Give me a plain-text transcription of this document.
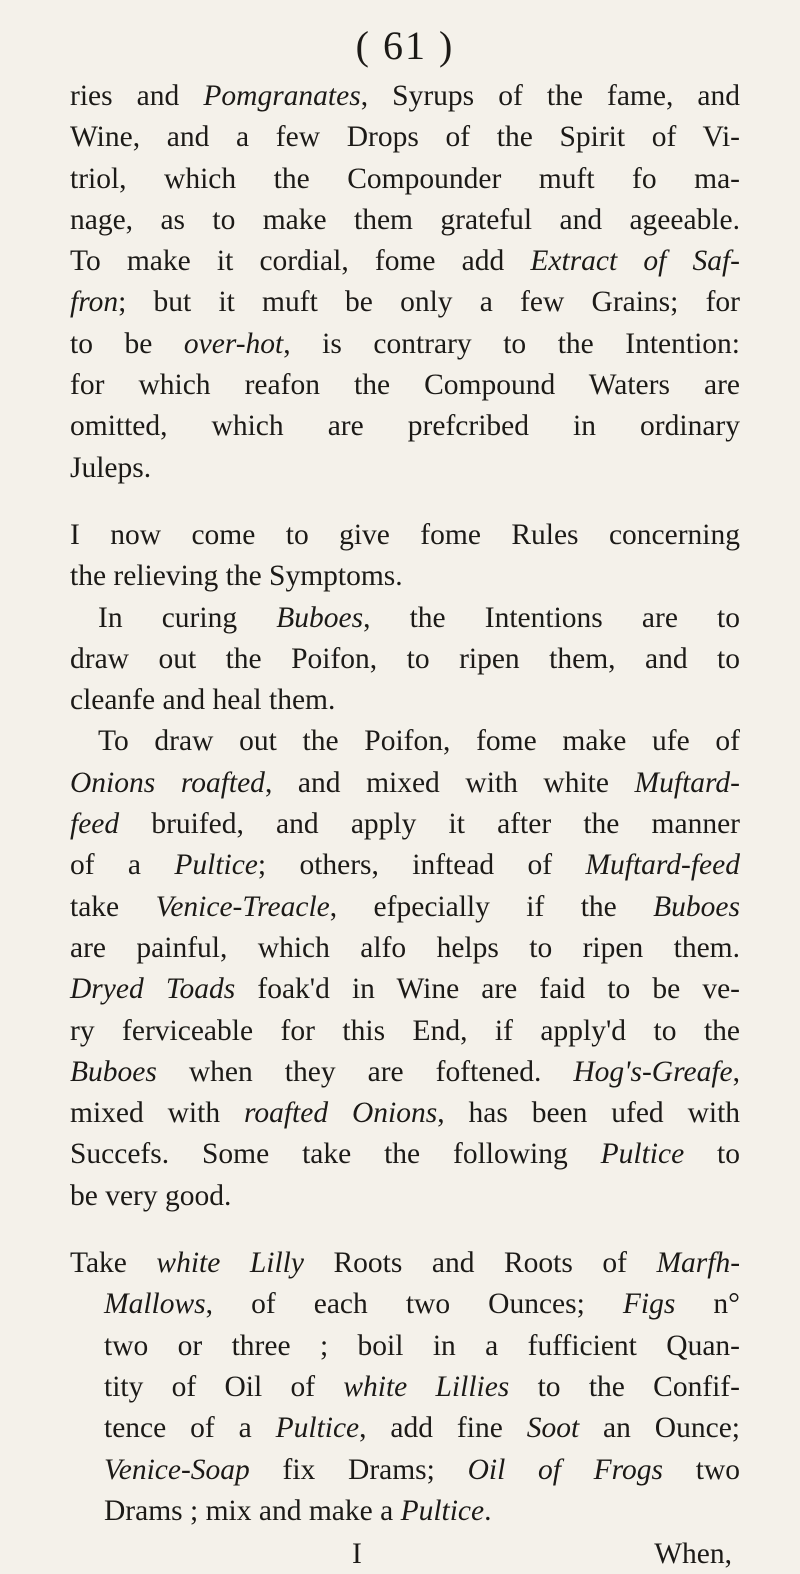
( 61 )
ries and Pomgranates, Syrups of the fame, and
Wine, and a few Drops of the Spirit of Vi-
triol, which the Compounder muft fo ma-
nage, as to make them grateful and ageeable.
To make it cordial, fome add Extract of Saf-
fron; but it muft be only a few Grains; for
to be over-hot, is contrary to the Intention:
for which reafon the Compound Waters are
omitted, which are prefcribed in ordinary
Juleps.
I now come to give fome Rules concerning
the relieving the Symptoms.
In curing Buboes, the Intentions are to
draw out the Poifon, to ripen them, and to
cleanfe and heal them.
To draw out the Poifon, fome make ufe of
Onions roafted, and mixed with white Muftard-
feed bruifed, and apply it after the manner
of a Pultice; others, inftead of Muftard-feed
take Venice-Treacle, efpecially if the Buboes
are painful, which alfo helps to ripen them.
Dryed Toads foak'd in Wine are faid to be ve-
ry ferviceable for this End, if apply'd to the
Buboes when they are foftened. Hog's-Greafe,
mixed with roafted Onions, has been ufed with
Succefs. Some take the following Pultice to
be very good.
Take white Lilly Roots and Roots of Marfh-
Mallows, of each two Ounces; Figs n°
two or three ; boil in a fufficient Quan-
tity of Oil of white Lillies to the Confif-
tence of a Pultice, add fine Soot an Ounce;
Venice-Soap fix Drams; Oil of Frogs two
Drams ; mix and make a Pultice.
I	When,
